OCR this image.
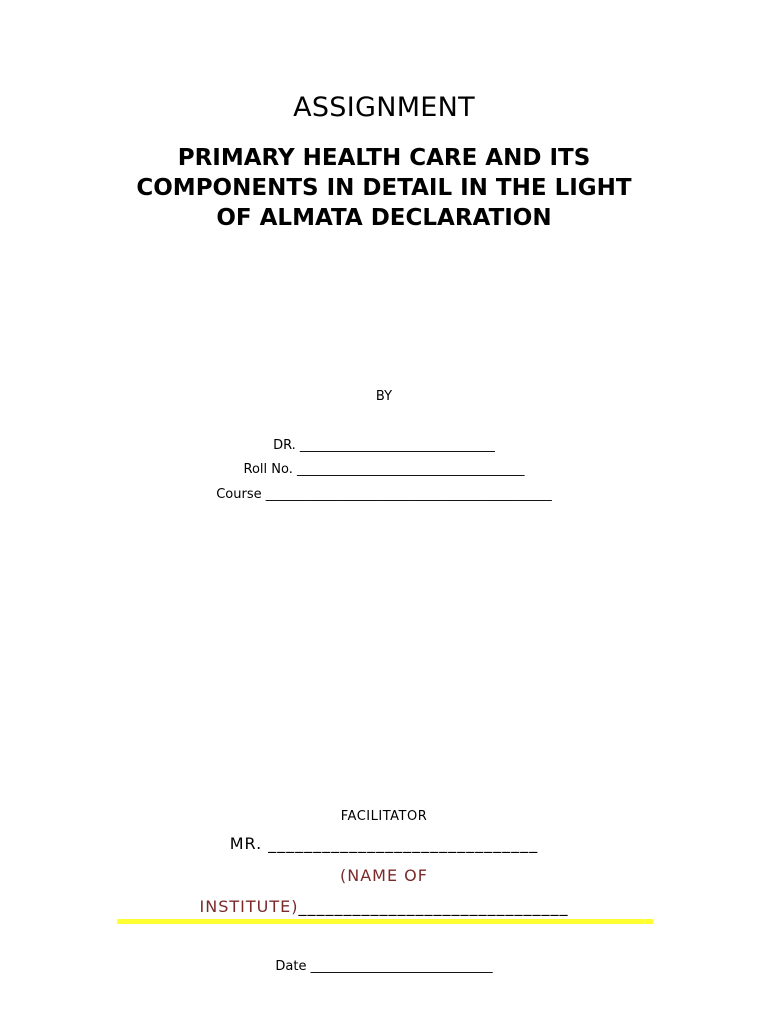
ASSIGNMENT
PRIMARY HEALTH CARE AND ITS
COMPONENTS IN DETAIL IN THE LIGHT
OF ALMATA DECLARATION
BY
DR. ______________________________
Roll No. ___________________________________
Course ____________________________________________
FACILITATOR
MR. ______________________________
(NAME OF
INSTITUTE)______________________________
Date ____________________________
